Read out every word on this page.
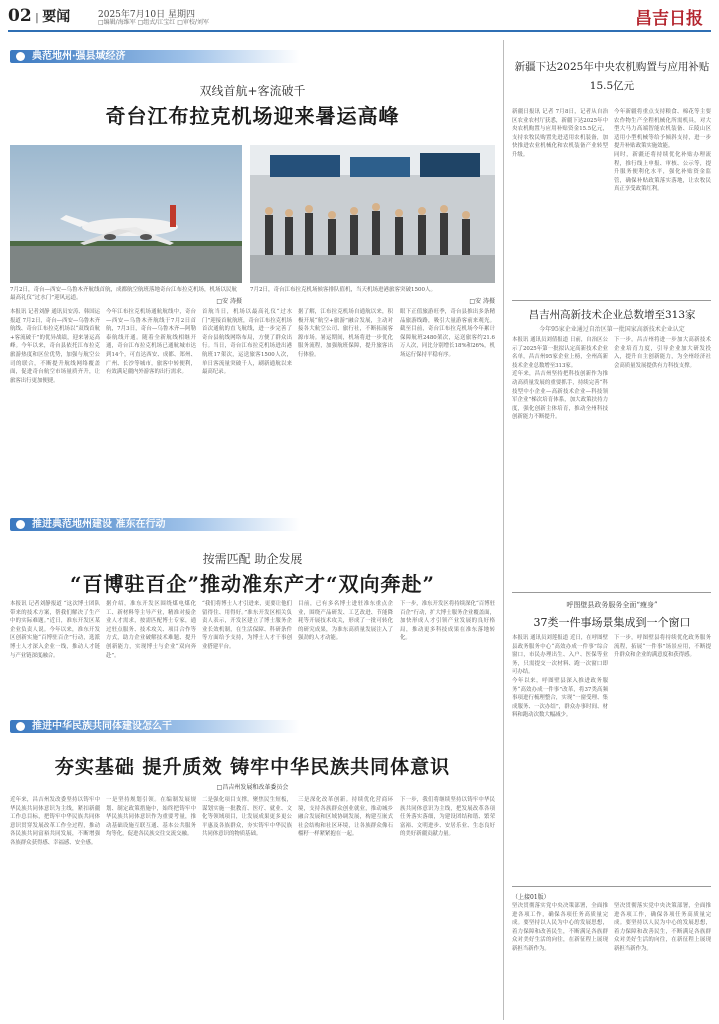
02 | 要闻	2025年7月10日 星期四
□编辑/海维军 □组式/江宝红 □审校/刘军	昌吉日报
典范地州·强县域经济
双线首航+客流破千
奇台江布拉克机场迎来暑运高峰
7月2日，奇台—西安—乌鲁木齐航线首航，成都航空航班落地奇台江布拉克机场，机场以民航最高礼仪“过水门”迎风远道。
7月2日，奇台江布拉克机场候客排队值机，当天机场进港旅客突破1500人。
□安 涛摄	□安 涛摄

本报讯 记者刘静 通讯员安涛、韩国运报道 7月2日，奇台—西安—乌鲁木齐航线、奇台江布拉克机场以“双线首航+客流破千”的优异战绩，迎来暑运高峰。今年以来，奇台县依托江布拉克旅游热度和区位优势，加强与航空公司的联合，不断提升航线网络覆盖面，促进奇台航空市场量质齐升，让旅客出行更加便捷。

今年江布拉克机场通航航线中，奇台—西安—乌鲁木齐航线于7月2日首航，7月3日，奇台—乌鲁木齐—阿勒泰航线开通。随着全新航线相继开通，奇台江布拉克机场已通航城市达到14个，可直达西安、成都、郑州、广州、长沙等城市，旅客中转便利，有效满足疆内外游客的出行需求。

首航当日，机场以最高礼仪“过水门”迎接首航航班，奇台江布拉克机场首次通航的直飞航线，进一步完善了奇台县航线网络布局，方便了群众出行。当日，奇台江布拉克机场进出港航班17架次，运送旅客1500人次，单日客流量突破千人，刷新通航以来最高纪录。

据了解，江布拉克机场自通航以来，积极开展“航空+旅游”融合发展，主动对接各大航空公司、旅行社，不断拓展客源市场。暑运期间，机场将进一步优化服务流程，加强航班保障，提升旅客出行体验。

眼下正值旅游旺季，奇台县推出多条精品旅游线路，吸引大量游客前来观光。截至目前，奇台江布拉克机场今年累计保障航班2480架次，运送旅客约21.6万人次，同比分别增长18%和26%，机场运行保持平稳有序。

推进典范地州建设 准东在行动
按需匹配 助企发展
“百博驻百企”推动准东产才“双向奔赴”

本报讯 记者刘静报道 “这次博士团队带来的技术方案，帮我们解决了生产中的实际难题。”近日，准东开发区某企业负责人说。今年以来，准东开发区创新实施“百博驻百企”行动，选派博士人才深入企业一线，推动人才链与产业链深度融合。

据介绍，准东开发区围绕煤电煤化工、新材料等主导产业，精准对接企业人才需求，按需匹配博士专家，通过驻点服务、技术攻关、项目合作等方式，助力企业破解技术难题、提升创新能力，实现博士与企业“双向奔赴”。

“我们将博士人才引进来，更要让他们留得住、用得好。”准东开发区相关负责人表示，开发区建立了博士服务企业长效机制，在生活保障、科研条件等方面给予支持，为博士人才干事创业搭建平台。

目前，已有多名博士进驻准东重点企业，围绕产品研发、工艺改进、节能降耗等开展技术攻关，形成了一批可转化的研究成果，为准东高质量发展注入了强劲的人才动能。

下一步，准东开发区将持续深化“百博驻百企”行动，扩大博士服务企业覆盖面，加快形成人才引领产业发展的良好格局，推动更多科技成果在准东落地转化。

推进中华民族共同体建设怎么干
夯实基础 提升质效 铸牢中华民族共同体意识
□昌吉州发展和改革委员会

近年来，昌吉州发改委坚持以铸牢中华民族共同体意识为主线，紧扣新疆工作总目标，把铸牢中华民族共同体意识贯穿发展改革工作全过程，推动各民族共同富裕共同发展，不断增强各族群众获得感、幸福感、安全感。

一是坚持规划引领。在编制发展规划、制定政策措施中，始终把铸牢中华民族共同体意识作为重要考量，推动基础设施互联互通、基本公共服务均等化，促进各民族交往交流交融。

二是强化项目支撑。聚焦民生短板，谋划实施一批教育、医疗、就业、文化等领域项目，让发展成果更多更公平惠及各族群众，夯实铸牢中华民族共同体意识的物质基础。

三是深化改革创新。持续优化营商环境，支持各族群众创业就业，推动城乡融合发展和区域协调发展，构建互嵌式社会结构和社区环境，让各族群众像石榴籽一样紧紧抱在一起。

下一步，我们将继续坚持以铸牢中华民族共同体意识为主线，把发展改革各项任务落实落细，为建设团结和谐、繁荣富裕、文明进步、安居乐业、生态良好的美好新疆贡献力量。

新疆下达2025年中央农机购置与应用补贴15.5亿元

新疆日报讯 记者 7月8日，记者从自治区农业农村厅获悉，新疆下达2025年中央农机购置与应用补贴资金15.5亿元，支持农牧民购置先进适用农机装备，加快推进农业机械化和农机装备产业转型升级。

今年新疆将重点支持粮食、棉花等主要农作物生产全程机械化所需机具，对大型大马力高端智能农机装备、丘陵山区适用小型机械等给予倾斜支持，进一步提升补贴政策实施效能。

同时，新疆还将持续优化补贴办理流程，推行线上申报、审核、公示等，提升服务便利化水平，强化补贴资金监管，确保补贴政策落实落地，让农牧民真正享受政策红利。

昌吉州高新技术企业总数增至313家
今年95家企业通过自治区第一批国家高新技术企业认定

本报讯 通讯员刘倩报道 日前，自治区公示了2025年第一批拟认定高新技术企业名单，昌吉州95家企业上榜，全州高新技术企业总数增至313家。

近年来，昌吉州坚持把科技创新作为推动高质量发展的重要抓手，持续完善“科技型中小企业—高新技术企业—科技领军企业”梯次培育体系，加大政策扶持力度，强化创新主体培育，推动全州科技创新能力不断提升。

下一步，昌吉州将进一步加大高新技术企业培育力度，引导企业加大研发投入，提升自主创新能力，为全州经济社会高质量发展提供有力科技支撑。

呼图壁县政务服务全面“瘦身”
37类一件事场景集成到一个窗口

本报讯 通讯员刘莲报道 近日，在呼图壁县政务服务中心“高效办成一件事”综合窗口，市民办理出生、入户、医保等业务，只需提交一次材料、跑一次窗口即可办结。

今年以来，呼图壁县深入推进政务服务“高效办成一件事”改革，将37类高频事项进行梳理整合，实现“一窗受理、集成服务、一次办结”，群众办事时间、材料和跑动次数大幅减少。

下一步，呼图壁县将持续优化政务服务流程，拓展“一件事”场景应用，不断提升群众和企业的满意度和获得感。

（上接01版）

坚决贯彻落实党中央决策部署，全面推进各项工作，确保各项任务高质量完成。要坚持以人民为中心的发展思想，着力保障和改善民生，不断满足各族群众对美好生活的向往，在新征程上展现新担当新作为。

坚决贯彻落实党中央决策部署，全面推进各项工作，确保各项任务高质量完成。要坚持以人民为中心的发展思想，着力保障和改善民生，不断满足各族群众对美好生活的向往，在新征程上展现新担当新作为。
